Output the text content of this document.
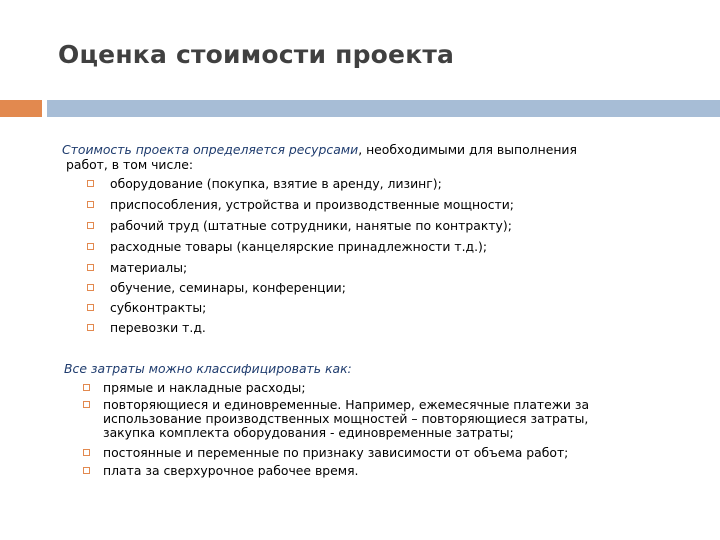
Оценка стоимости проекта
Стоимость проекта определяется ресурсами, необходимыми для выполнения
работ, в том числе:
оборудование (покупка, взятие в аренду, лизинг);
приспособления, устройства и производственные мощности;
рабочий труд (штатные сотрудники, нанятые по контракту);
расходные товары (канцелярские принадлежности т.д.);
материалы;
обучение, семинары, конференции;
субконтракты;
перевозки т.д.
Все затраты можно классифицировать как:
прямые и накладные расходы;
повторяющиеся и единовременные. Например, ежемесячные платежи за
использование производственных мощностей – повторяющиеся затраты,
закупка комплекта оборудования - единовременные затраты;
постоянные и переменные по признаку зависимости от объема работ;
плата за сверхурочное рабочее время.
